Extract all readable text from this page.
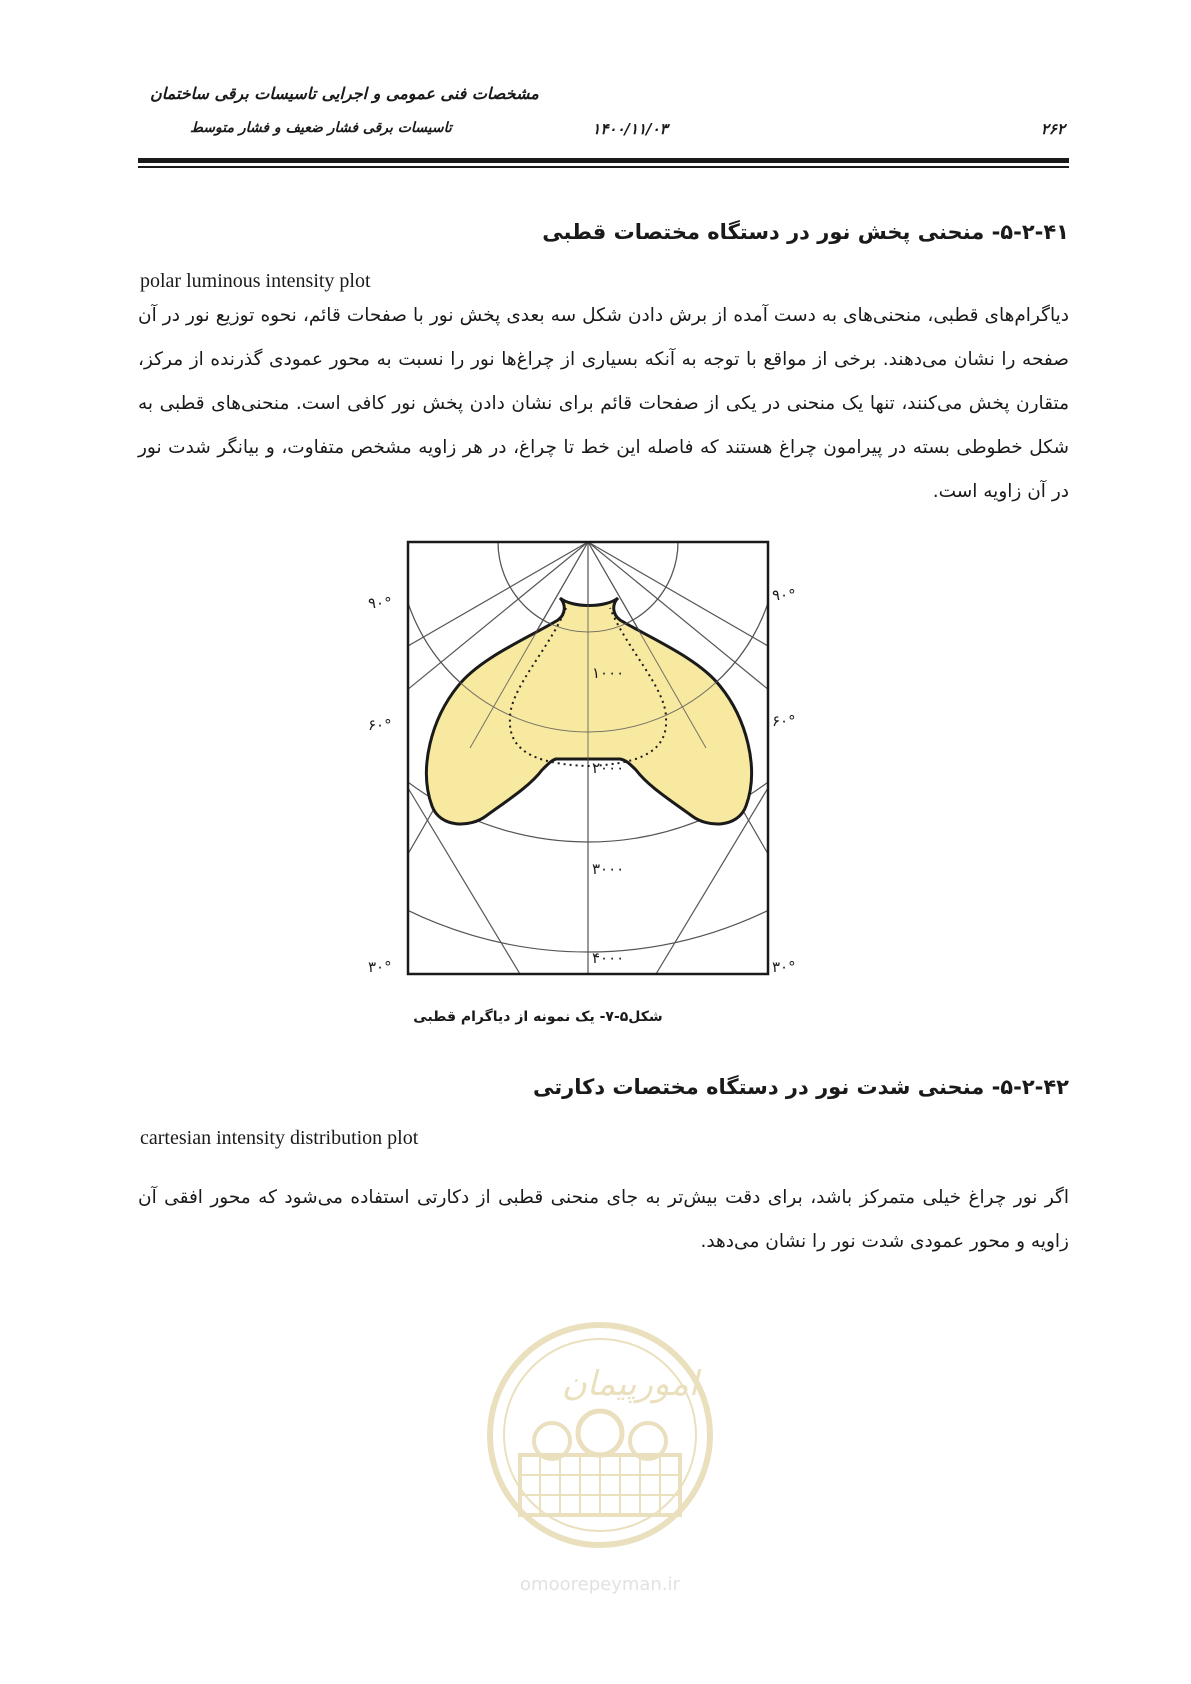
مشخصات فنی عمومی و اجرایی تاسیسات برقی ساختمان
تاسیسات برقی فشار ضعیف و فشار متوسط	۱۴۰۰/۱۱/۰۳	۲۶۲
۵-۲-۴۱- منحنی پخش نور در دستگاه مختصات قطبی
polar luminous intensity plot
دیاگرام‌های قطبی، منحنی‌های به دست آمده از برش دادن شکل سه بعدی پخش نور با صفحات قائم، نحوه توزیع نور در آن صفحه را نشان می‌دهند. برخی از مواقع با توجه به آنکه بسیاری از چراغ‌ها نور را نسبت به محور عمودی گذرنده از مرکز، متقارن پخش می‌کنند، تنها یک منحنی در یکی از صفحات قائم برای نشان دادن پخش نور کافی است. منحنی‌های قطبی به شکل خطوطی بسته در پیرامون چراغ هستند که فاصله این خط تا چراغ، در هر زاویه مشخص متفاوت، و بیانگر شدت نور در آن زاویه است.
۹۰°	۹۰°
۶۰°	۶۰°
۳۰°	۳۰°
۱۰۰۰
۲۰۰۰
۳۰۰۰
۴۰۰۰
شکل۵-۷- یک نمونه از دیاگرام قطبی
۵-۲-۴۲- منحنی شدت نور در دستگاه مختصات دکارتی
cartesian intensity distribution plot
اگر نور چراغ خیلی متمرکز باشد، برای دقت بیش‌تر به جای منحنی قطبی از دکارتی استفاده می‌شود که محور افقی آن زاویه و محور عمودی شدت نور را نشان می‌دهد.
امورپیمان
omoorepeyman.ir
